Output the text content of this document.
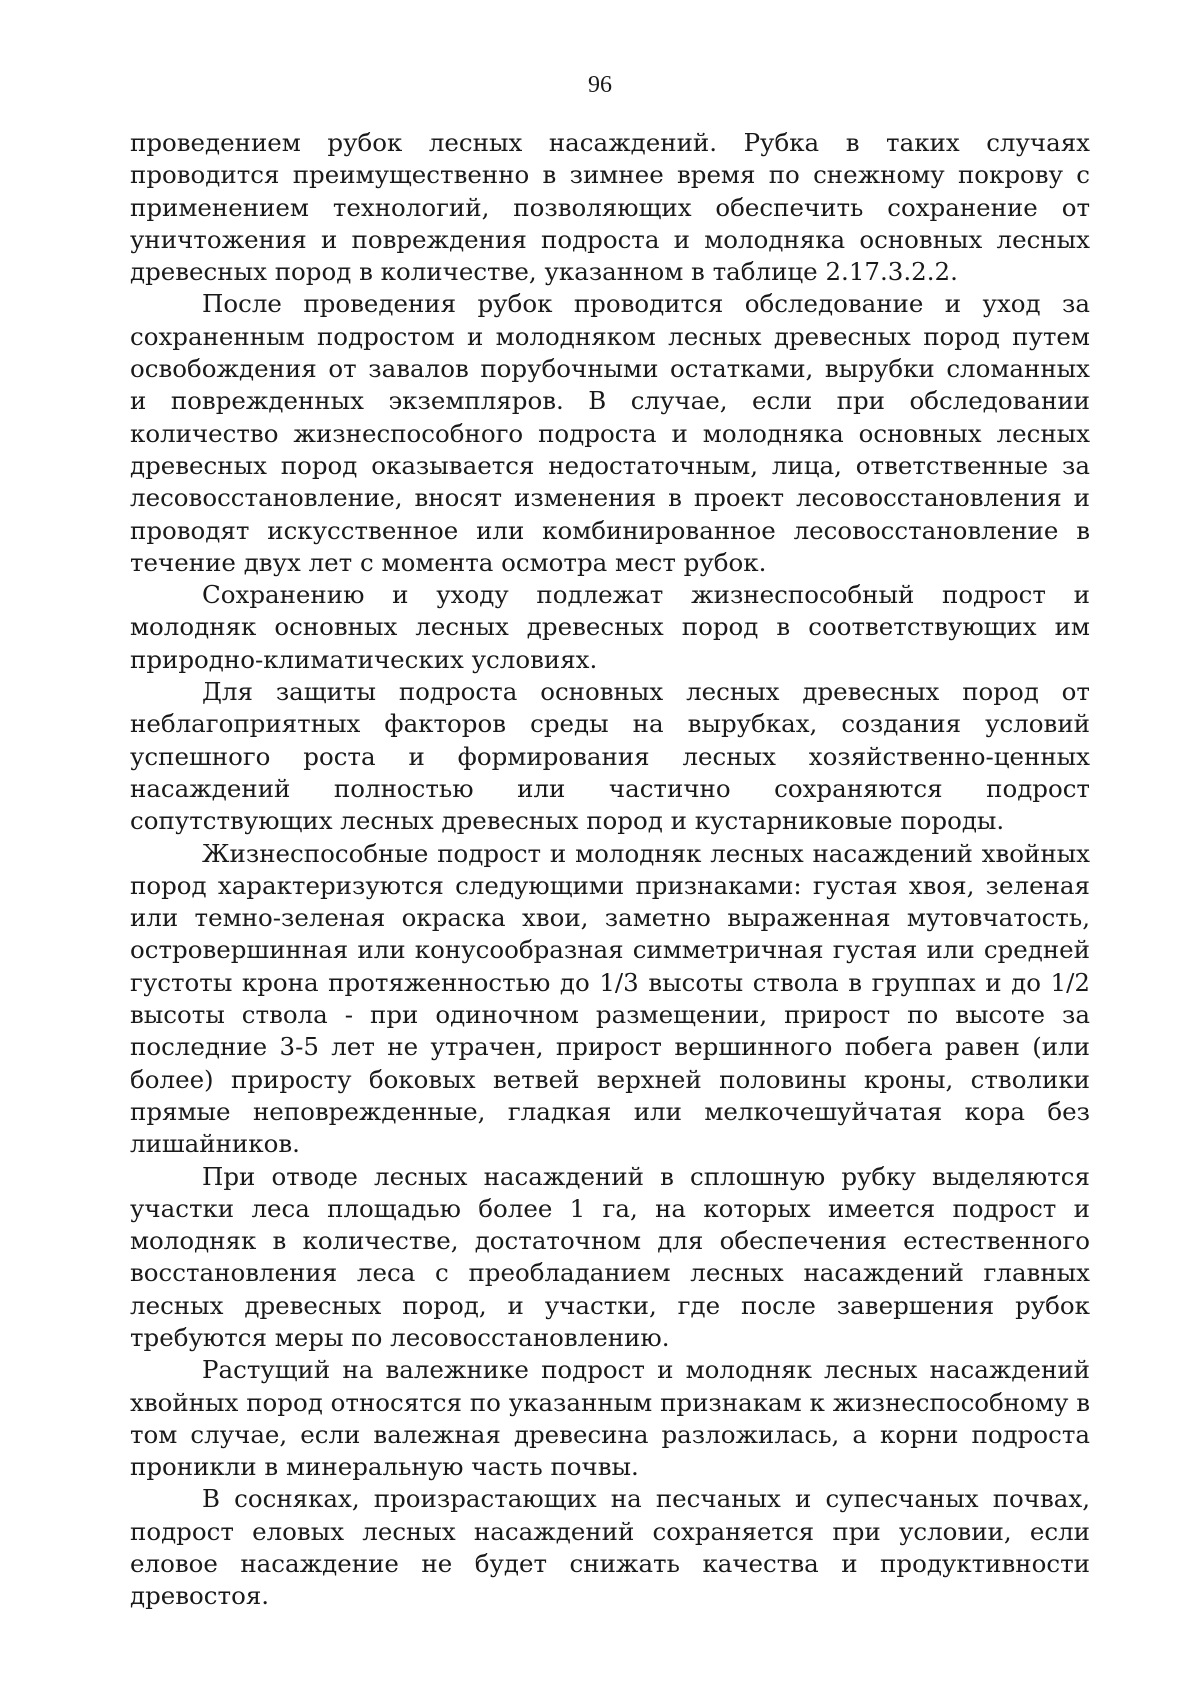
96

проведением рубок лесных насаждений. Рубка в таких случаях проводится преимущественно в зимнее время по снежному покрову с применением технологий, позволяющих обеспечить сохранение от уничтожения и повреждения подроста и молодняка основных лесных древесных пород в количестве, указанном в таблице 2.17.3.2.2.

После проведения рубок проводится обследование и уход за сохраненным подростом и молодняком лесных древесных пород путем освобождения от завалов порубочными остатками, вырубки сломанных и поврежденных экземпляров. В случае, если при обследовании количество жизнеспособного подроста и молодняка основных лесных древесных пород оказывается недостаточным, лица, ответственные за лесовосстановление, вносят изменения в проект лесовосстановления и проводят искусственное или комбинированное лесовосстановление в течение двух лет с момента осмотра мест рубок.

Сохранению и уходу подлежат жизнеспособный подрост и молодняк основных лесных древесных пород в соответствующих им природно-климатических условиях.

Для защиты подроста основных лесных древесных пород от неблагоприятных факторов среды на вырубках, создания условий успешного роста и формирования лесных хозяйственно-ценных насаждений полностью или частично сохраняются подрост сопутствующих лесных древесных пород и кустарниковые породы.

Жизнеспособные подрост и молодняк лесных насаждений хвойных пород характеризуются следующими признаками: густая хвоя, зеленая или темно-зеленая окраска хвои, заметно выраженная мутовчатость, островершинная или конусообразная симметричная густая или средней густоты крона протяженностью до 1/3 высоты ствола в группах и до 1/2 высоты ствола - при одиночном размещении, прирост по высоте за последние 3-5 лет не утрачен, прирост вершинного побега равен (или более) приросту боковых ветвей верхней половины кроны, стволики прямые неповрежденные, гладкая или мелкочешуйчатая кора без лишайников.

При отводе лесных насаждений в сплошную рубку выделяются участки леса площадью более 1 га, на которых имеется подрост и молодняк в количестве, достаточном для обеспечения естественного восстановления леса с преобладанием лесных насаждений главных лесных древесных пород, и участки, где после завершения рубок требуются меры по лесовосстановлению.

Растущий на валежнике подрост и молодняк лесных насаждений хвойных пород относятся по указанным признакам к жизнеспособному в том случае, если валежная древесина разложилась, а корни подроста проникли в минеральную часть почвы.

В сосняках, произрастающих на песчаных и супесчаных почвах, подрост еловых лесных насаждений сохраняется при условии, если еловое насаждение не будет снижать качества и продуктивности древостоя.
